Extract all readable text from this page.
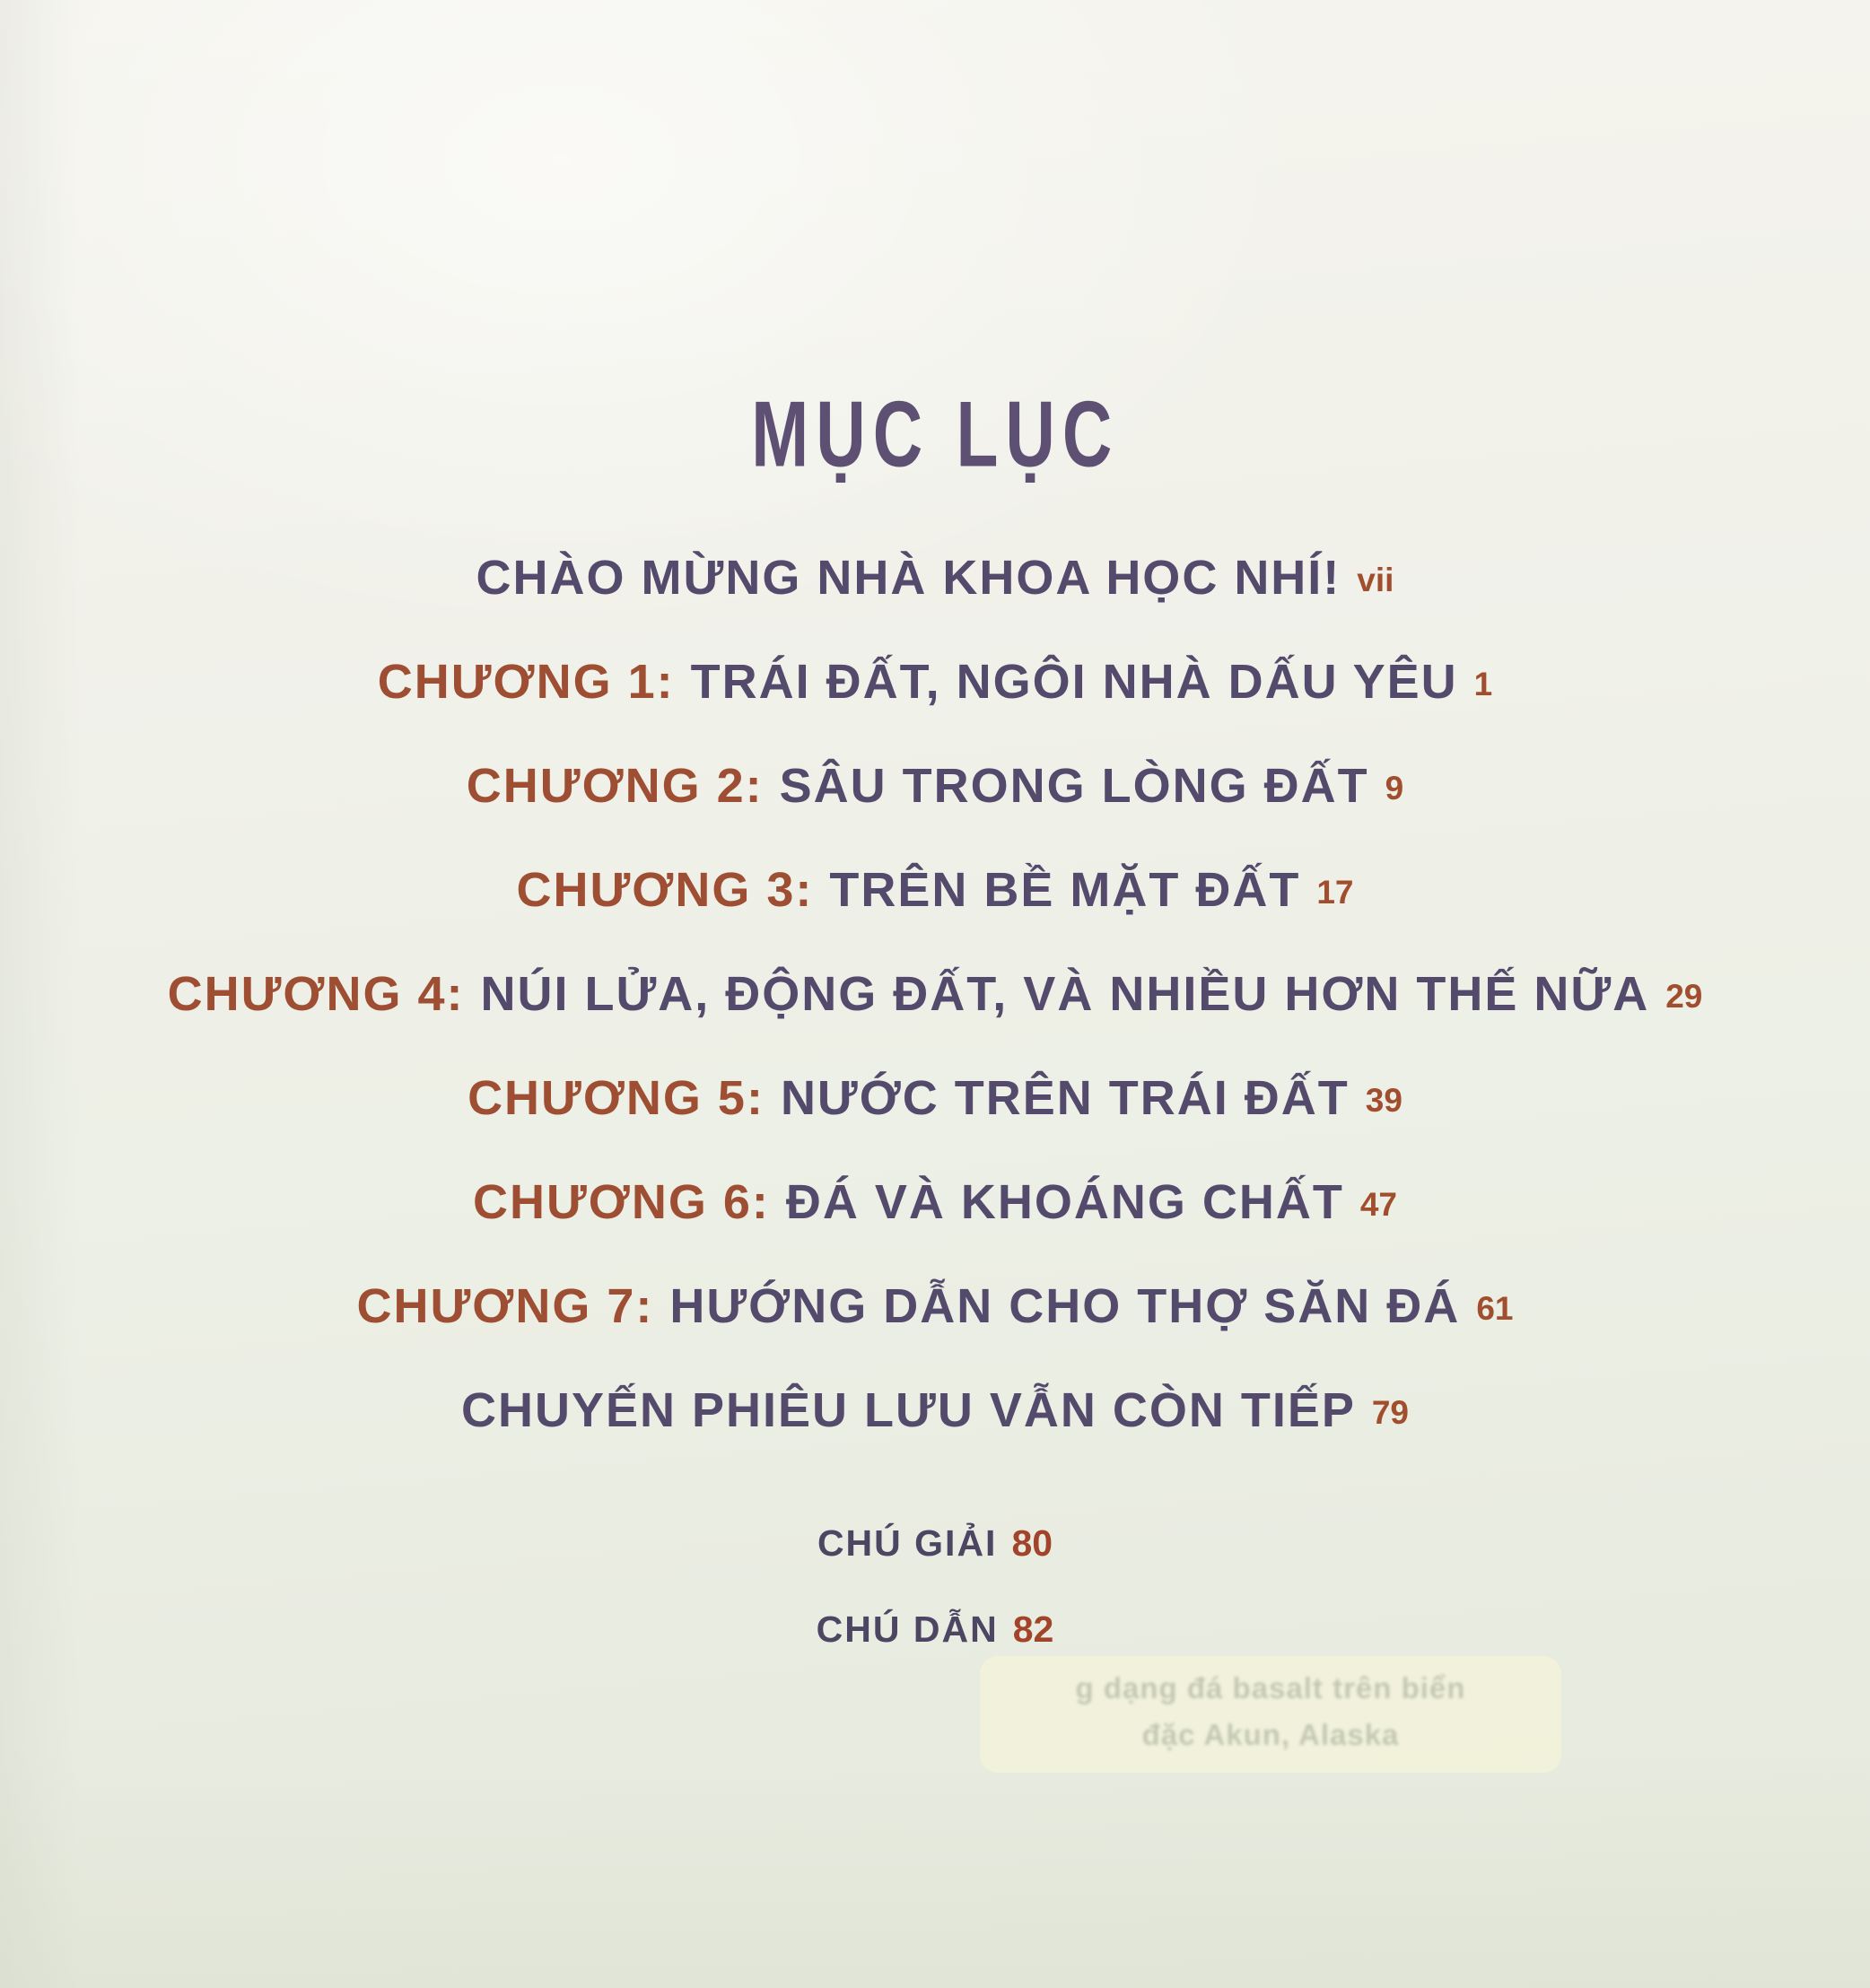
MỤC LỤC
CHÀO MỪNG NHÀ KHOA HỌC NHÍ! vii
CHƯƠNG 1: TRÁI ĐẤT, NGÔI NHÀ DẤU YÊU 1
CHƯƠNG 2: SÂU TRONG LÒNG ĐẤT 9
CHƯƠNG 3: TRÊN BỀ MẶT ĐẤT 17
CHƯƠNG 4: NÚI LỬA, ĐỘNG ĐẤT, VÀ NHIỀU HƠN THẾ NỮA 29
CHƯƠNG 5: NƯỚC TRÊN TRÁI ĐẤT 39
CHƯƠNG 6: ĐÁ VÀ KHOÁNG CHẤT 47
CHƯƠNG 7: HƯỚNG DẪN CHO THỢ SĂN ĐÁ 61
CHUYẾN PHIÊU LƯU VẪN CÒN TIẾP 79
CHÚ GIẢI 80
CHÚ DẪN 82
g dạng đá basalt trên biển
đặc Akun, Alaska
